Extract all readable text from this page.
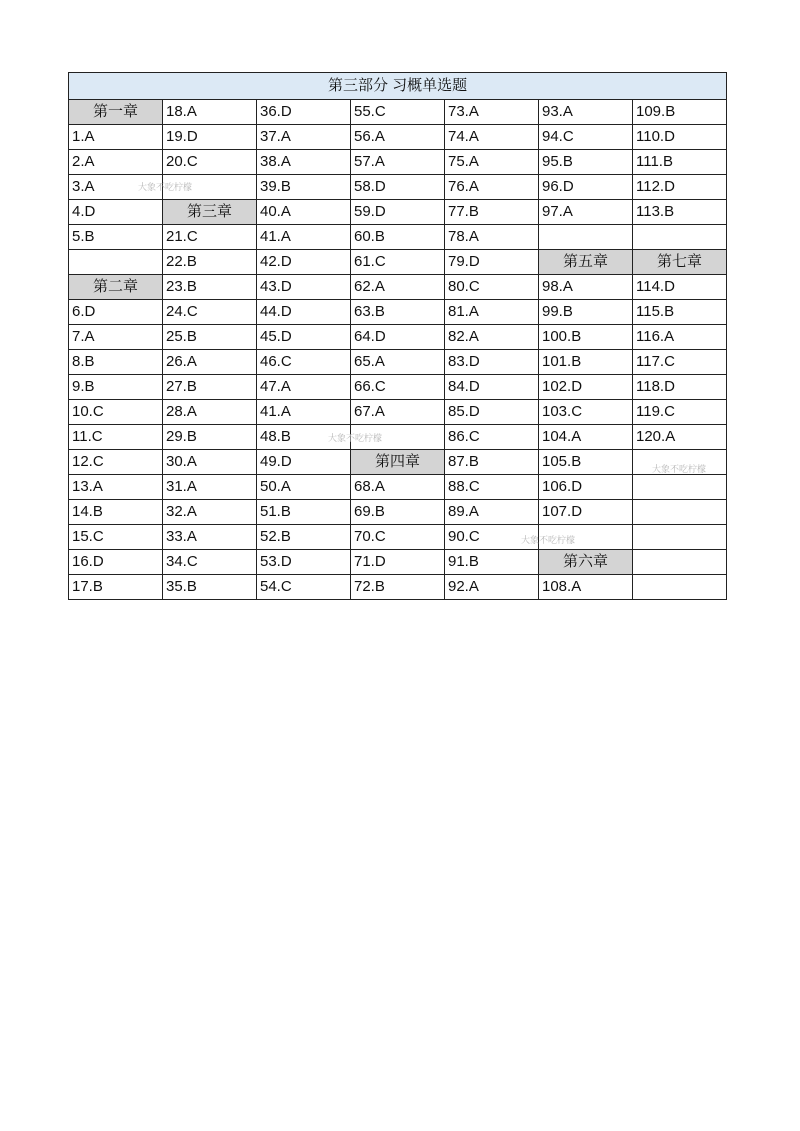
第三部分 习概单选题						
第一章	18.A	36.D	55.C	73.A	93.A	109.B
1.A	19.D	37.A	56.A	74.A	94.C	110.D
2.A	20.C	38.A	57.A	75.A	95.B	111.B
3.A		39.B	58.D	76.A	96.D	112.D
4.D	第三章	40.A	59.D	77.B	97.A	113.B
5.B	21.C	41.A	60.B	78.A		
	22.B	42.D	61.C	79.D	第五章	第七章
第二章	23.B	43.D	62.A	80.C	98.A	114.D
6.D	24.C	44.D	63.B	81.A	99.B	115.B
7.A	25.B	45.D	64.D	82.A	100.B	116.A
8.B	26.A	46.C	65.A	83.D	101.B	117.C
9.B	27.B	47.A	66.C	84.D	102.D	118.D
10.C	28.A	41.A	67.A	85.D	103.C	119.C
11.C	29.B	48.B		86.C	104.A	120.A
12.C	30.A	49.D	第四章	87.B	105.B	
13.A	31.A	50.A	68.A	88.C	106.D	
14.B	32.A	51.B	69.B	89.A	107.D	
15.C	33.A	52.B	70.C	90.C		
16.D	34.C	53.D	71.D	91.B	第六章	
17.B	35.B	54.C	72.B	92.A	108.A	
大象不吃柠檬
大象不吃柠檬
大象不吃柠檬
大象不吃柠檬
